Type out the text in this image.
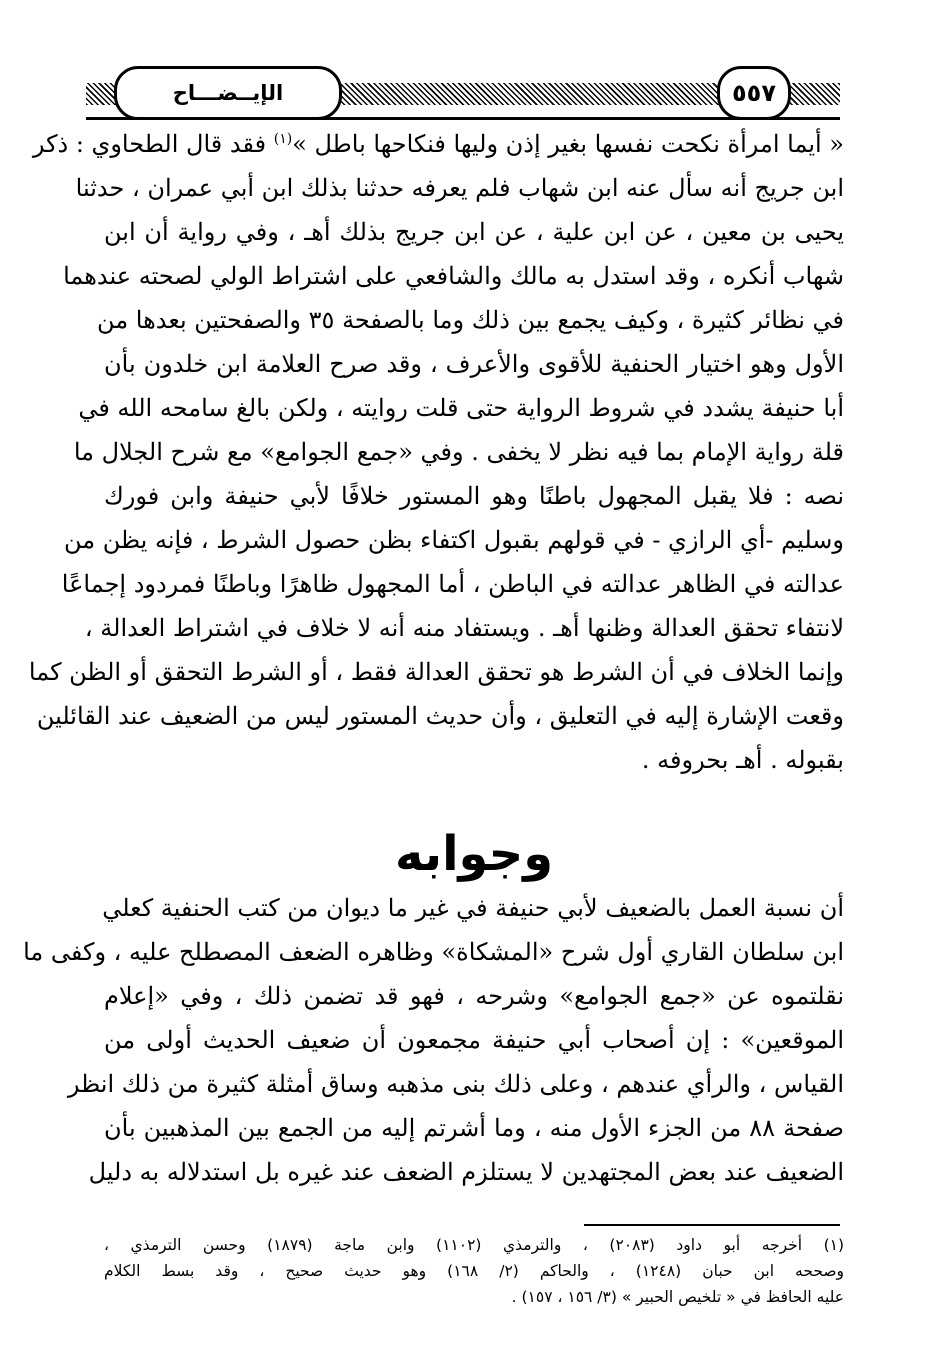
الإيــضـــاح	٥٥٧
« أيما امرأة نكحت نفسها بغير إذن وليها فنكاحها باطل »$^{(١)}$ فقد قال الطحاوي : ذكر
ابن جريج أنه سأل عنه ابن شهاب فلم يعرفه حدثنا بذلك ابن أبي عمران ، حدثنا
يحيى بن معين ، عن ابن علية ، عن ابن جريج بذلك أهـ ، وفي رواية أن ابن
شهاب أنكره ، وقد استدل به مالك والشافعي على اشتراط الولي لصحته عندهما
في نظائر كثيرة ، وكيف يجمع بين ذلك وما بالصفحة ٣٥ والصفحتين بعدها من
الأول وهو اختيار الحنفية للأقوى والأعرف ، وقد صرح العلامة ابن خلدون بأن
أبا حنيفة يشدد في شروط الرواية حتى قلت روايته ، ولكن بالغ سامحه الله في
قلة رواية الإمام بما فيه نظر لا يخفى . وفي «جمع الجوامع» مع شرح الجلال ما
نصه : فلا يقبل المجهول باطنًا وهو المستور خلافًا لأبي حنيفة وابن فورك
وسليم -أي الرازي - في قولهم بقبول اكتفاء بظن حصول الشرط ، فإنه يظن من
عدالته في الظاهر عدالته في الباطن ، أما المجهول ظاهرًا وباطنًا فمردود إجماعًا
لانتفاء تحقق العدالة وظنها أهـ . ويستفاد منه أنه لا خلاف في اشتراط العدالة ،
وإنما الخلاف في أن الشرط هو تحقق العدالة فقط ، أو الشرط التحقق أو الظن كما
وقعت الإشارة إليه في التعليق ، وأن حديث المستور ليس من الضعيف عند القائلين
بقبوله . أهـ بحروفه .
وجوابه
أن نسبة العمل بالضعيف لأبي حنيفة في غير ما ديوان من كتب الحنفية كعلي
ابن سلطان القاري أول شرح «المشكاة» وظاهره الضعف المصطلح عليه ، وكفى ما
نقلتموه عن «جمع الجوامع» وشرحه ، فهو قد تضمن ذلك ، وفي «إعلام
الموقعين» : إن أصحاب أبي حنيفة مجمعون أن ضعيف الحديث أولى من
القياس ، والرأي عندهم ، وعلى ذلك بنى مذهبه وساق أمثلة كثيرة من ذلك انظر
صفحة ٨٨ من الجزء الأول منه ، وما أشرتم إليه من الجمع بين المذهبين بأن
الضعيف عند بعض المجتهدين لا يستلزم الضعف عند غيره بل استدلاله به دليل
(١) أخرجه أبو داود (٢٠٨٣) ، والترمذي (١١٠٢) وابن ماجة (١٨٧٩) وحسن الترمذي ،
وصححه ابن حبان (١٢٤٨) ، والحاكم (٢/ ١٦٨) وهو حديث صحيح ، وقد بسط الكلام
عليه الحافظ في « تلخيص الحبير » (٣/ ١٥٦ ، ١٥٧) .
